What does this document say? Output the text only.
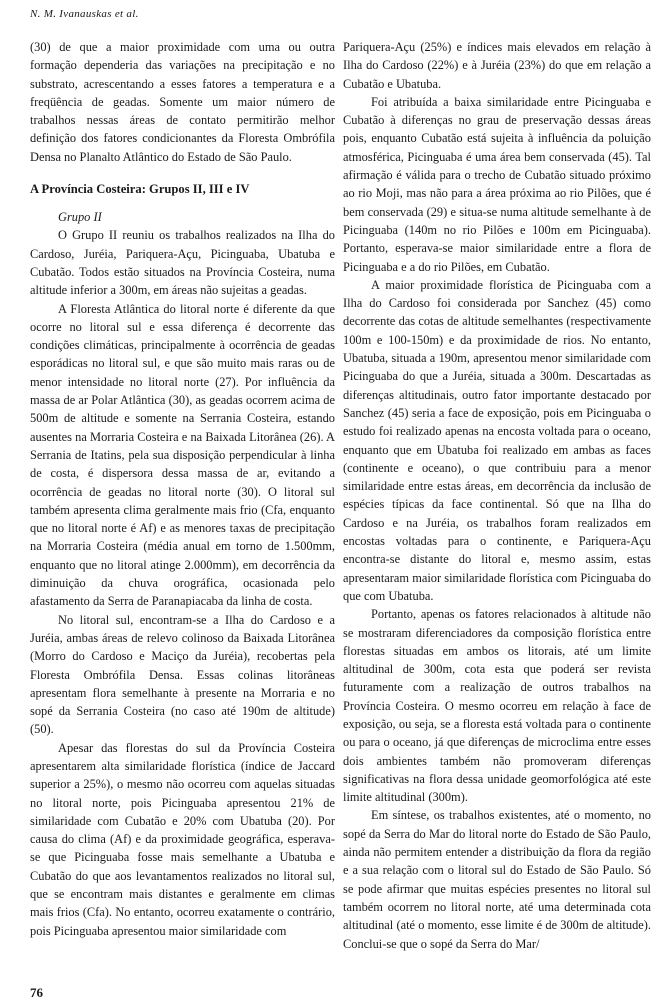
N. M. Ivanauskas et al.

(30) de que a maior proximidade com uma ou outra formação dependeria das variações na precipitação e no substrato, acrescentando a esses fatores a temperatura e a freqüência de geadas. Somente um maior número de trabalhos nessas áreas de contato permitirão melhor definição dos fatores condicionantes da Floresta Ombrófila Densa no Planalto Atlântico do Estado de São Paulo.

A Província Costeira: Grupos II, III e IV
Grupo II

O Grupo II reuniu os trabalhos realizados na Ilha do Cardoso, Juréia, Pariquera-Açu, Picinguaba, Ubatuba e Cubatão. Todos estão situados na Província Costeira, numa altitude inferior a 300m, em áreas não sujeitas a geadas.

A Floresta Atlântica do litoral norte é diferente da que ocorre no litoral sul e essa diferença é decorrente das condições climáticas, principalmente à ocorrência de geadas esporádicas no litoral sul, e que são muito mais raras ou de menor intensidade no litoral norte (27). Por influência da massa de ar Polar Atlântica (30), as geadas ocorrem acima de 500m de altitude e somente na Serrania Costeira, estando ausentes na Morraria Costeira e na Baixada Litorânea (26). A Serrania de Itatins, pela sua disposição perpendicular à linha de costa, é dispersora dessa massa de ar, evitando a ocorrência de geadas no litoral norte (30). O litoral sul também apresenta clima geralmente mais frio (Cfa, enquanto que no litoral norte é Af) e as menores taxas de precipitação na Morraria Costeira (média anual em torno de 1.500mm, enquanto que no litoral atinge 2.000mm), em decorrência da diminuição da chuva orográfica, ocasionada pelo afastamento da Serra de Paranapiacaba da linha de costa.

No litoral sul, encontram-se a Ilha do Cardoso e a Juréia, ambas áreas de relevo colinoso da Baixada Litorânea (Morro do Cardoso e Maciço da Juréia), recobertas pela Floresta Ombrófila Densa. Essas colinas litorâneas apresentam flora semelhante à presente na Morraria e no sopé da Serrania Costeira (no caso até 190m de altitude) (50).

Apesar das florestas do sul da Província Costeira apresentarem alta similaridade florística (índice de Jaccard superior a 25%), o mesmo não ocorreu com aquelas situadas no litoral norte, pois Picinguaba apresentou 21% de similaridade com Cubatão e 20% com Ubatuba (20). Por causa do clima (Af) e da proximidade geográfica, esperava-se que Picinguaba fosse mais semelhante a Ubatuba e Cubatão do que aos levantamentos realizados no litoral sul, que se encontram mais distantes e geralmente em climas mais frios (Cfa). No entanto, ocorreu exatamente o contrário, pois Picinguaba apresentou maior similaridade com

Pariquera-Açu (25%) e índices mais elevados em relação à Ilha do Cardoso (22%) e à Juréia (23%) do que em relação a Cubatão e Ubatuba.

Foi atribuída a baixa similaridade entre Picinguaba e Cubatão à diferenças no grau de preservação dessas áreas pois, enquanto Cubatão está sujeita à influência da poluição atmosférica, Picinguaba é uma área bem conservada (45). Tal afirmação é válida para o trecho de Cubatão situado próximo ao rio Moji, mas não para a área próxima ao rio Pilões, que é bem conservada (29) e situa-se numa altitude semelhante à de Picinguaba (140m no rio Pilões e 100m em Picinguaba). Portanto, esperava-se maior similaridade entre a flora de Picinguaba e a do rio Pilões, em Cubatão.

A maior proximidade florística de Picinguaba com a Ilha do Cardoso foi considerada por Sanchez (45) como decorrente das cotas de altitude semelhantes (respectivamente 100m e 100-150m) e da proximidade de rios. No entanto, Ubatuba, situada a 190m, apresentou menor similaridade com Picinguaba do que a Juréia, situada a 300m. Descartadas as diferenças altitudinais, outro fator importante destacado por Sanchez (45) seria a face de exposição, pois em Picinguaba o estudo foi realizado apenas na encosta voltada para o oceano, enquanto que em Ubatuba foi realizado em ambas as faces (continente e oceano), o que contribuiu para a menor similaridade entre estas áreas, em decorrência da inclusão de espécies típicas da face continental. Só que na Ilha do Cardoso e na Juréia, os trabalhos foram realizados em encostas voltadas para o continente, e Pariquera-Açu encontra-se distante do litoral e, mesmo assim, estas apresentaram maior similaridade florística com Picinguaba do que com Ubatuba.

Portanto, apenas os fatores relacionados à altitude não se mostraram diferenciadores da composição florística entre florestas situadas em ambos os litorais, até um limite altitudinal de 300m, cota esta que poderá ser revista futuramente com a realização de outros trabalhos na Província Costeira. O mesmo ocorreu em relação à face de exposição, ou seja, se a floresta está voltada para o continente ou para o oceano, já que diferenças de microclima entre esses dois ambientes também não promoveram diferenças significativas na flora dessa unidade geomorfológica até este limite altitudinal (300m).

Em síntese, os trabalhos existentes, até o momento, no sopé da Serra do Mar do litoral norte do Estado de São Paulo, ainda não permitem entender a distribuição da flora da região e a sua relação com o litoral sul do Estado de São Paulo. Só se pode afirmar que muitas espécies presentes no litoral sul também ocorrem no litoral norte, até uma determinada cota altitudinal (até o momento, esse limite é de 300m de altitude). Conclui-se que o sopé da Serra do Mar/

76
